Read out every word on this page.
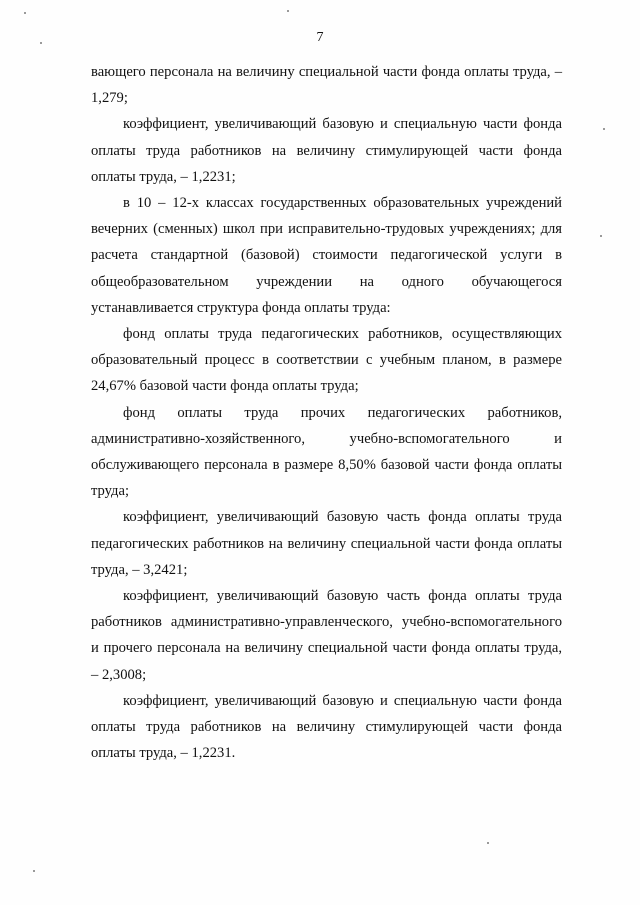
7

вающего персонала на величину специальной части фонда оплаты труда, – 1,279;

коэффициент, увеличивающий базовую и специальную части фонда оплаты труда работников на величину стимулирующей части фонда оплаты труда, – 1,2231;

в 10 – 12-х классах государственных образовательных учреждений вечерних (сменных) школ при исправительно-трудовых учреждениях; для расчета стандартной (базовой) стоимости педагогической услуги в общеобразовательном учреждении на одного обучающегося устанавливается структура фонда оплаты труда:

фонд оплаты труда педагогических работников, осуществляющих образовательный процесс в соответствии с учебным планом, в размере 24,67% базовой части фонда оплаты труда;

фонд оплаты труда прочих педагогических работников, административно-хозяйственного, учебно-вспомогательного и обслуживающего персонала в размере 8,50% базовой части фонда оплаты труда;

коэффициент, увеличивающий базовую часть фонда оплаты труда педагогических работников на величину специальной части фонда оплаты труда, – 3,2421;

коэффициент, увеличивающий базовую часть фонда оплаты труда работников административно-управленческого, учебно-вспомогательного и прочего персонала на величину специальной части фонда оплаты труда, – 2,3008;

коэффициент, увеличивающий базовую и специальную части фонда оплаты труда работников на величину стимулирующей части фонда оплаты труда, – 1,2231.
